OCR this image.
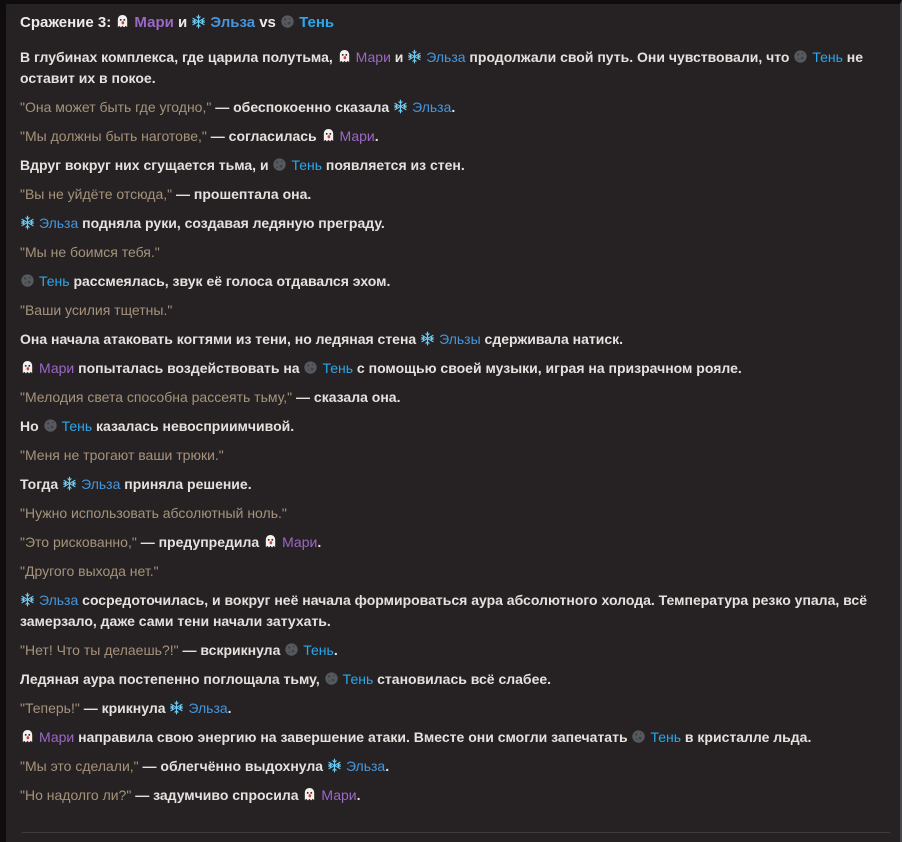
Сражение 3:
Мари и
Эльза vs
Тень

В глубинах комплекса, где царила полутьма,
Мари и
Эльза продолжали свой путь. Они чувствовали, что
Тень не оставит их в покое.

"Она может быть где угодно," — обеспокоенно сказала
Эльза.

"Мы должны быть наготове," — согласилась
Мари.

Вдруг вокруг них сгущается тьма, и
Тень появляется из стен.

"Вы не уйдёте отсюда," — прошептала она.

Эльза подняла руки, создавая ледяную преграду.

"Мы не боимся тебя."

Тень рассмеялась, звук её голоса отдавался эхом.

"Ваши усилия тщетны."

Она начала атаковать когтями из тени, но ледяная стена
Эльзы сдерживала натиск.

Мари попыталась воздействовать на
Тень с помощью своей музыки, играя на призрачном рояле.

"Мелодия света способна рассеять тьму," — сказала она.

Но
Тень казалась невосприимчивой.

"Меня не трогают ваши трюки."

Тогда
Эльза приняла решение.

"Нужно использовать абсолютный ноль."

"Это рискованно," — предупредила
Мари.

"Другого выхода нет."

Эльза сосредоточилась, и вокруг неё начала формироваться аура абсолютного холода. Температура резко упала, всё замерзало, даже сами тени начали затухать.

"Нет! Что ты делаешь?!" — вскрикнула
Тень.

Ледяная аура постепенно поглощала тьму,
Тень становилась всё слабее.

"Теперь!" — крикнула
Эльза.

Мари направила свою энергию на завершение атаки. Вместе они смогли запечатать
Тень в кристалле льда.

"Мы это сделали," — облегчённо выдохнула
Эльза.

"Но надолго ли?" — задумчиво спросила
Мари.
